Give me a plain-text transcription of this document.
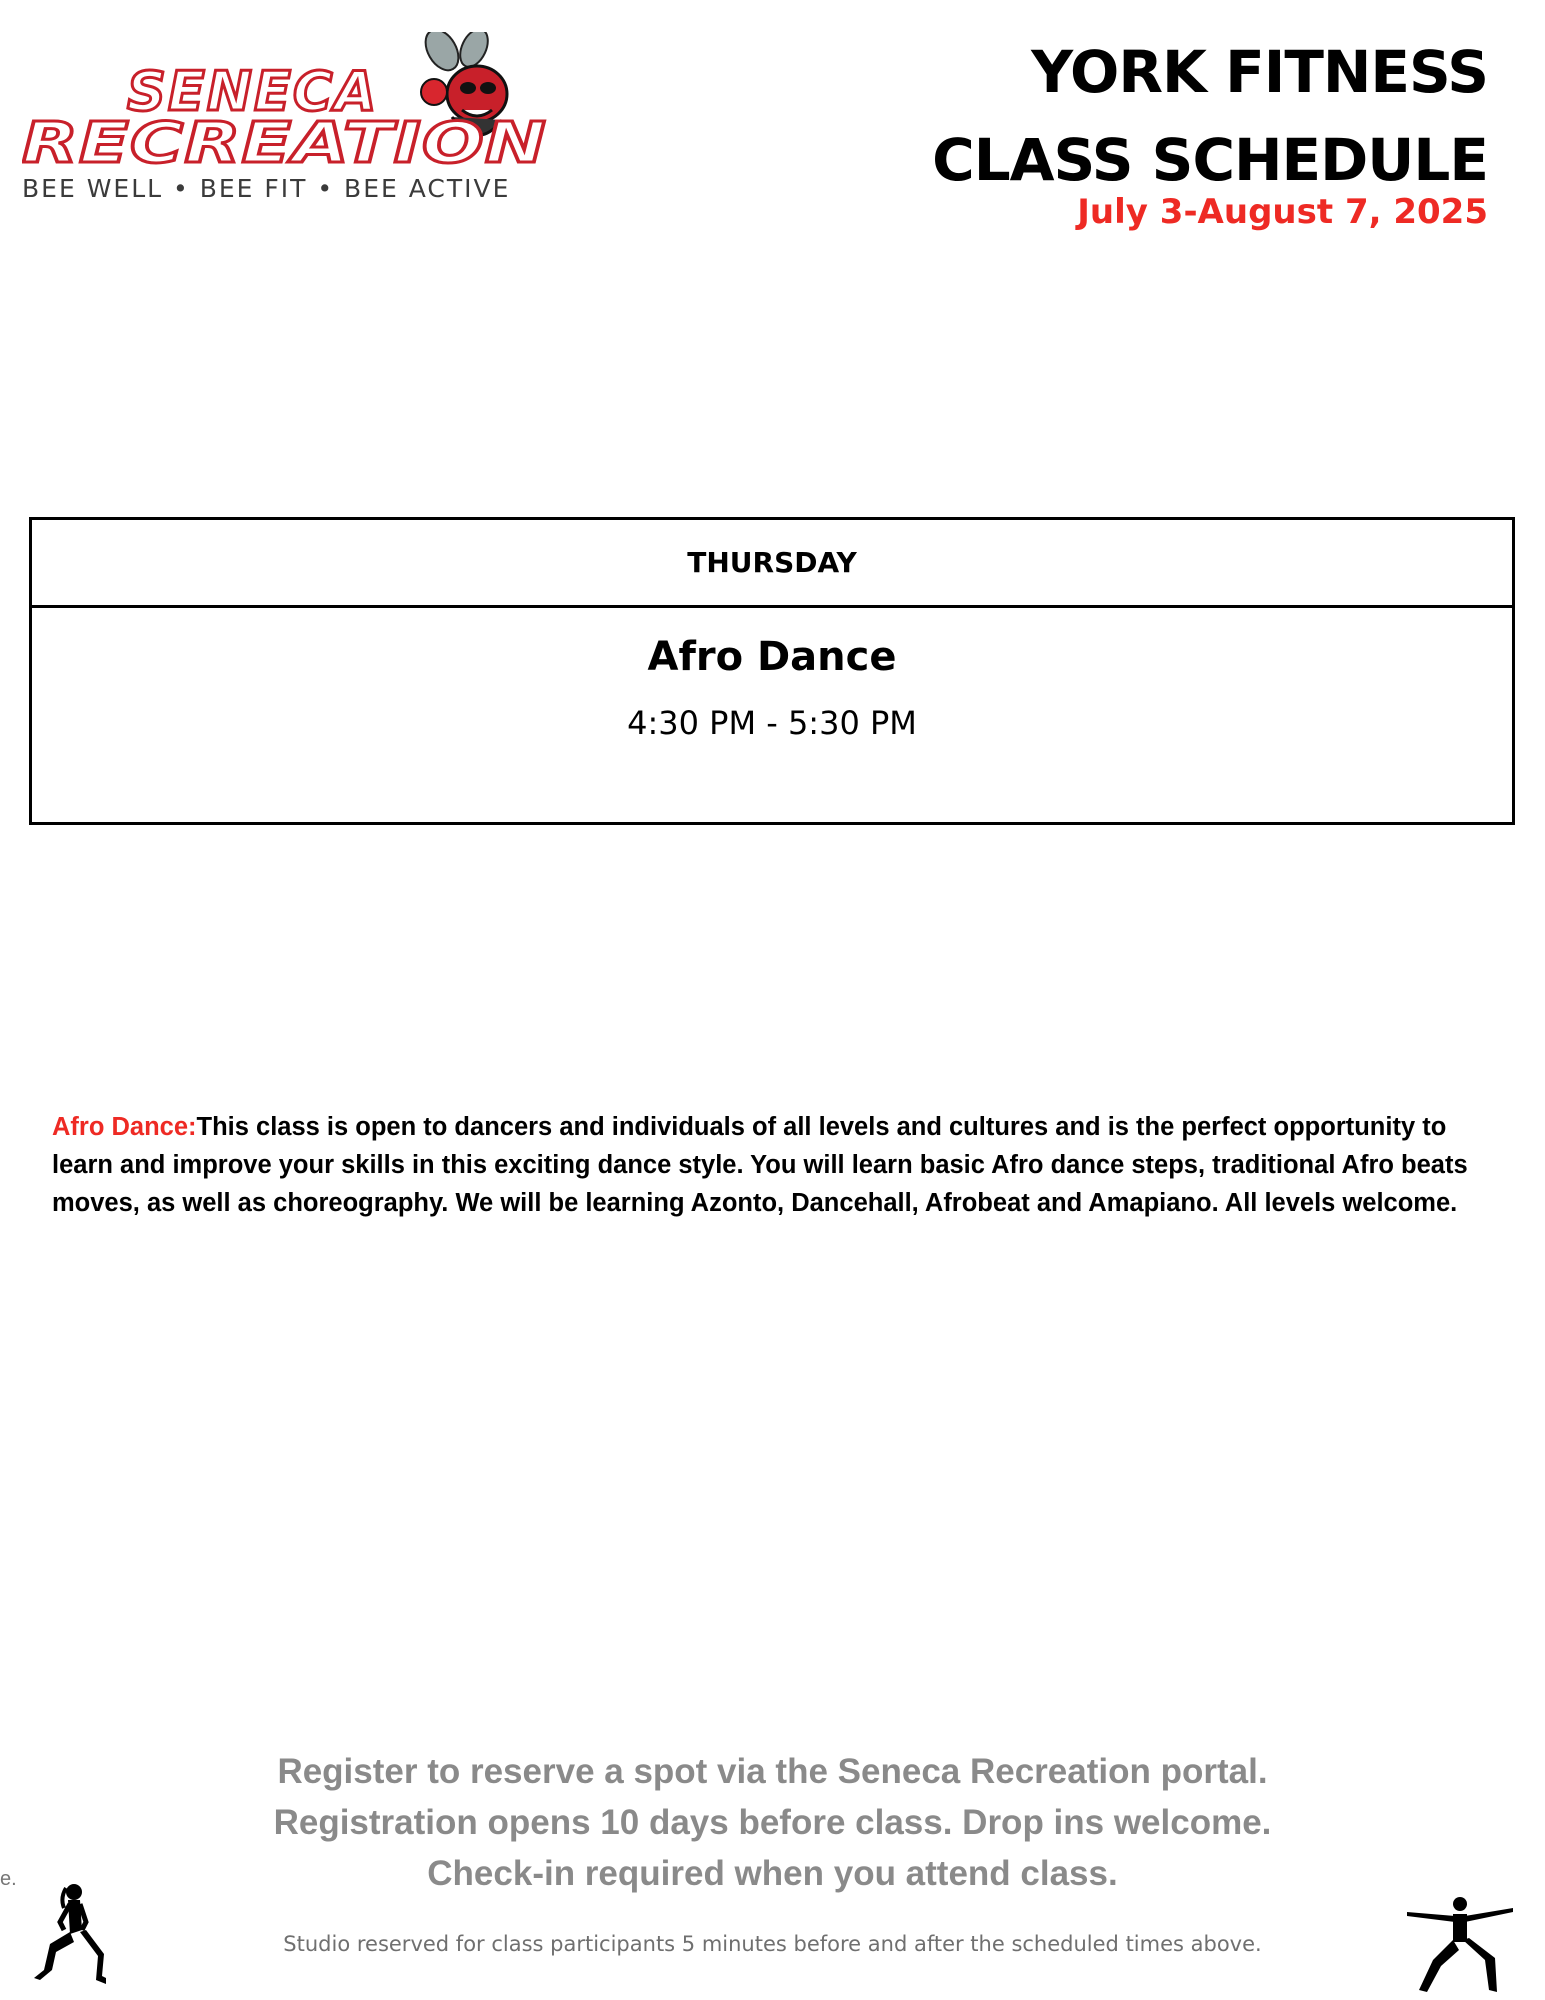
SENECA
RECREATION
BEE WELL • BEE FIT • BEE ACTIVE
YORK FITNESS
CLASS SCHEDULE
July 3-August 7, 2025
THURSDAY
Afro Dance
4:30 PM - 5:30 PM
Afro Dance:This class is open to dancers and individuals of all levels and cultures and is the perfect opportunity to learn and improve your skills in this exciting dance style. You will learn basic Afro dance steps, traditional Afro beats moves, as well as choreography. We will be learning Azonto, Dancehall, Afrobeat and Amapiano. All levels welcome.
e.
Register to reserve a spot via the Seneca Recreation portal.
Registration opens 10 days before class. Drop ins welcome.
Check-in required when you attend class.
Studio reserved for class participants 5 minutes before and after the scheduled times above.
